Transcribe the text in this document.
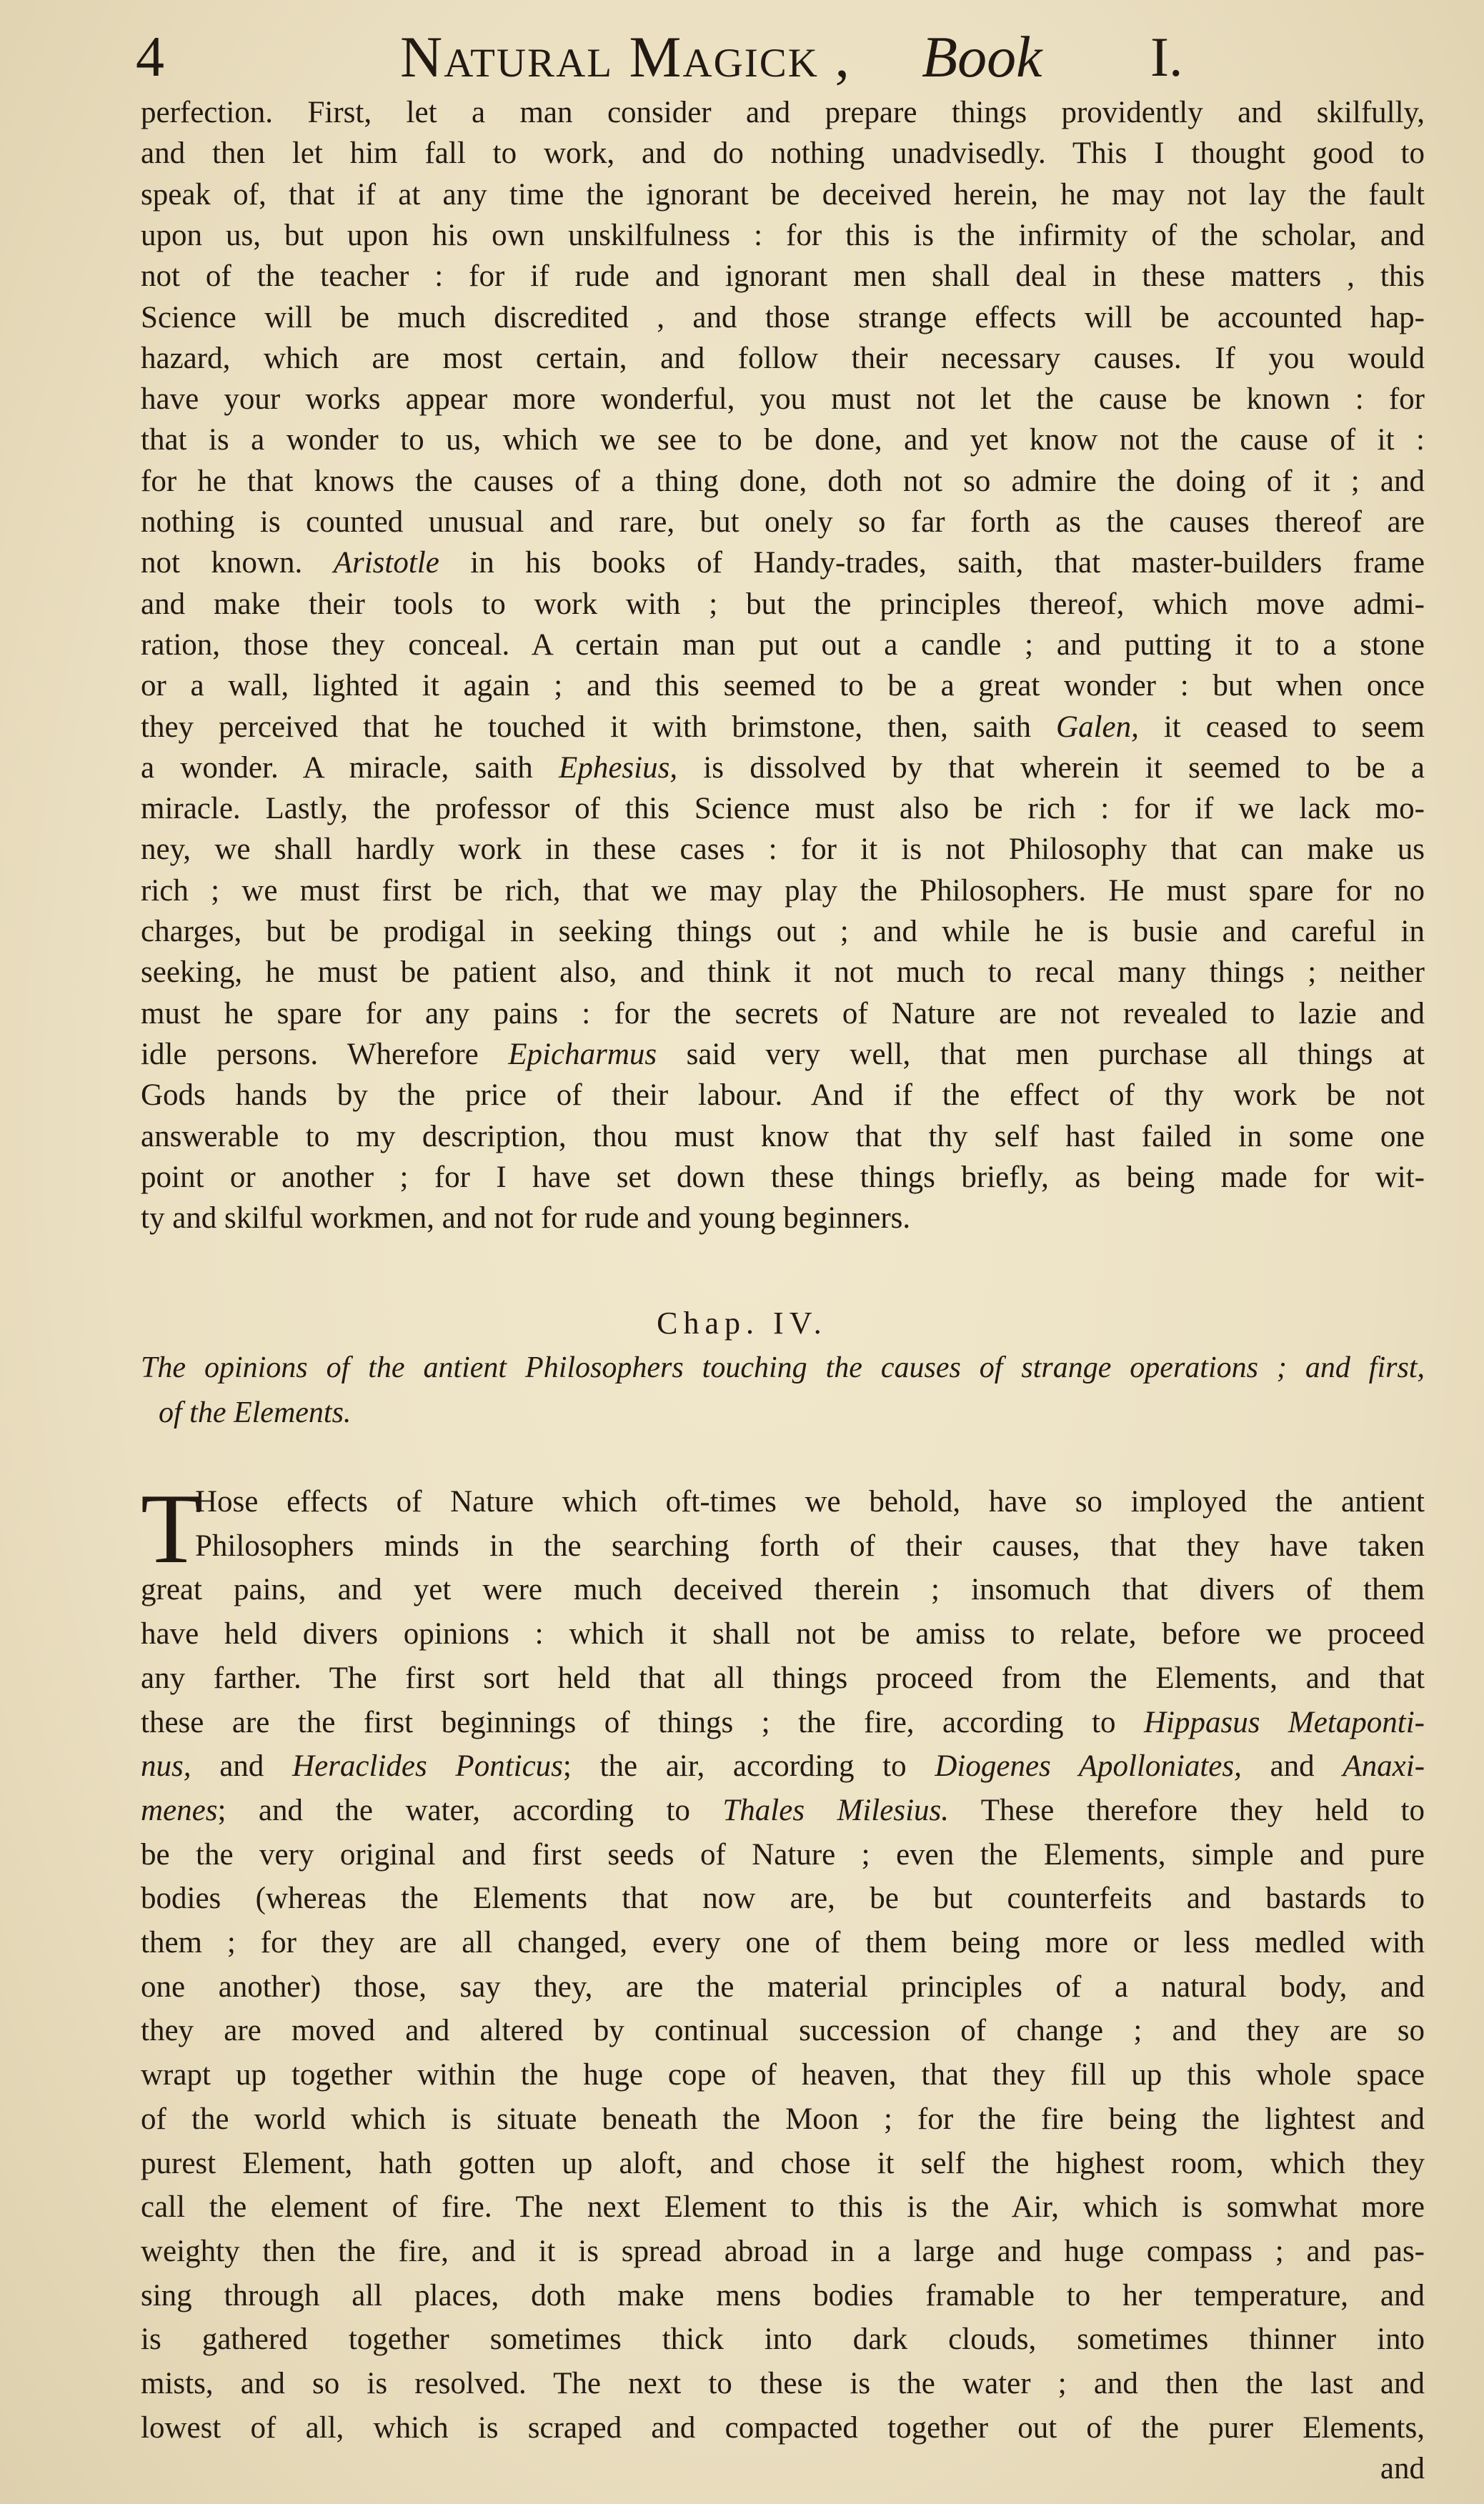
4	Natural Magick , Book I.
perfection. First, let a man consider and prepare things providently and skilfully,
and then let him fall to work, and do nothing unadvisedly. This I thought good to
speak of, that if at any time the ignorant be deceived herein, he may not lay the fault
upon us, but upon his own unskilfulness : for this is the infirmity of the scholar, and
not of the teacher : for if rude and ignorant men shall deal in these matters , this
Science will be much discredited , and those strange effects will be accounted hap-
hazard, which are most certain, and follow their necessary causes. If you would
have your works appear more wonderful, you must not let the cause be known : for
that is a wonder to us, which we see to be done, and yet know not the cause of it :
for he that knows the causes of a thing done, doth not so admire the doing of it ; and
nothing is counted unusual and rare, but onely so far forth as the causes thereof are
not known. Aristotle in his books of Handy-trades, saith, that master-builders frame
and make their tools to work with ; but the principles thereof, which move admi-
ration, those they conceal. A certain man put out a candle ; and putting it to a stone
or a wall, lighted it again ; and this seemed to be a great wonder : but when once
they perceived that he touched it with brimstone, then, saith Galen, it ceased to seem
a wonder. A miracle, saith Ephesius, is dissolved by that wherein it seemed to be a
miracle. Lastly, the professor of this Science must also be rich : for if we lack mo-
ney, we shall hardly work in these cases : for it is not Philosophy that can make us
rich ; we must first be rich, that we may play the Philosophers. He must spare for no
charges, but be prodigal in seeking things out ; and while he is busie and careful in
seeking, he must be patient also, and think it not much to recal many things ; neither
must he spare for any pains : for the secrets of Nature are not revealed to lazie and
idle persons. Wherefore Epicharmus said very well, that men purchase all things at
Gods hands by the price of their labour. And if the effect of thy work be not
answerable to my description, thou must know that thy self hast failed in some one
point or another ; for I have set down these things briefly, as being made for wit-
ty and skilful workmen, and not for rude and young beginners.
Chap. IV.
The opinions of the antient Philosophers touching the causes of strange operations ; and first,
of the Elements.
T
Hose effects of Nature which oft-times we behold, have so imployed the antient
Philosophers minds in the searching forth of their causes, that they have taken
great pains, and yet were much deceived therein ; insomuch that divers of them
have held divers opinions : which it shall not be amiss to relate, before we proceed
any farther. The first sort held that all things proceed from the Elements, and that
these are the first beginnings of things ; the fire, according to Hippasus Metaponti-
nus, and Heraclides Ponticus; the air, according to Diogenes Apolloniates, and Anaxi-
menes; and the water, according to Thales Milesius. These therefore they held to
be the very original and first seeds of Nature ; even the Elements, simple and pure
bodies (whereas the Elements that now are, be but counterfeits and bastards to
them ; for they are all changed, every one of them being more or less medled with
one another) those, say they, are the material principles of a natural body, and
they are moved and altered by continual succession of change ; and they are so
wrapt up together within the huge cope of heaven, that they fill up this whole space
of the world which is situate beneath the Moon ; for the fire being the lightest and
purest Element, hath gotten up aloft, and chose it self the highest room, which they
call the element of fire. The next Element to this is the Air, which is somwhat more
weighty then the fire, and it is spread abroad in a large and huge compass ; and pas-
sing through all places, doth make mens bodies framable to her temperature, and
is gathered together sometimes thick into dark clouds, sometimes thinner into
mists, and so is resolved. The next to these is the water ; and then the last and
lowest of all, which is scraped and compacted together out of the purer Elements,
and
